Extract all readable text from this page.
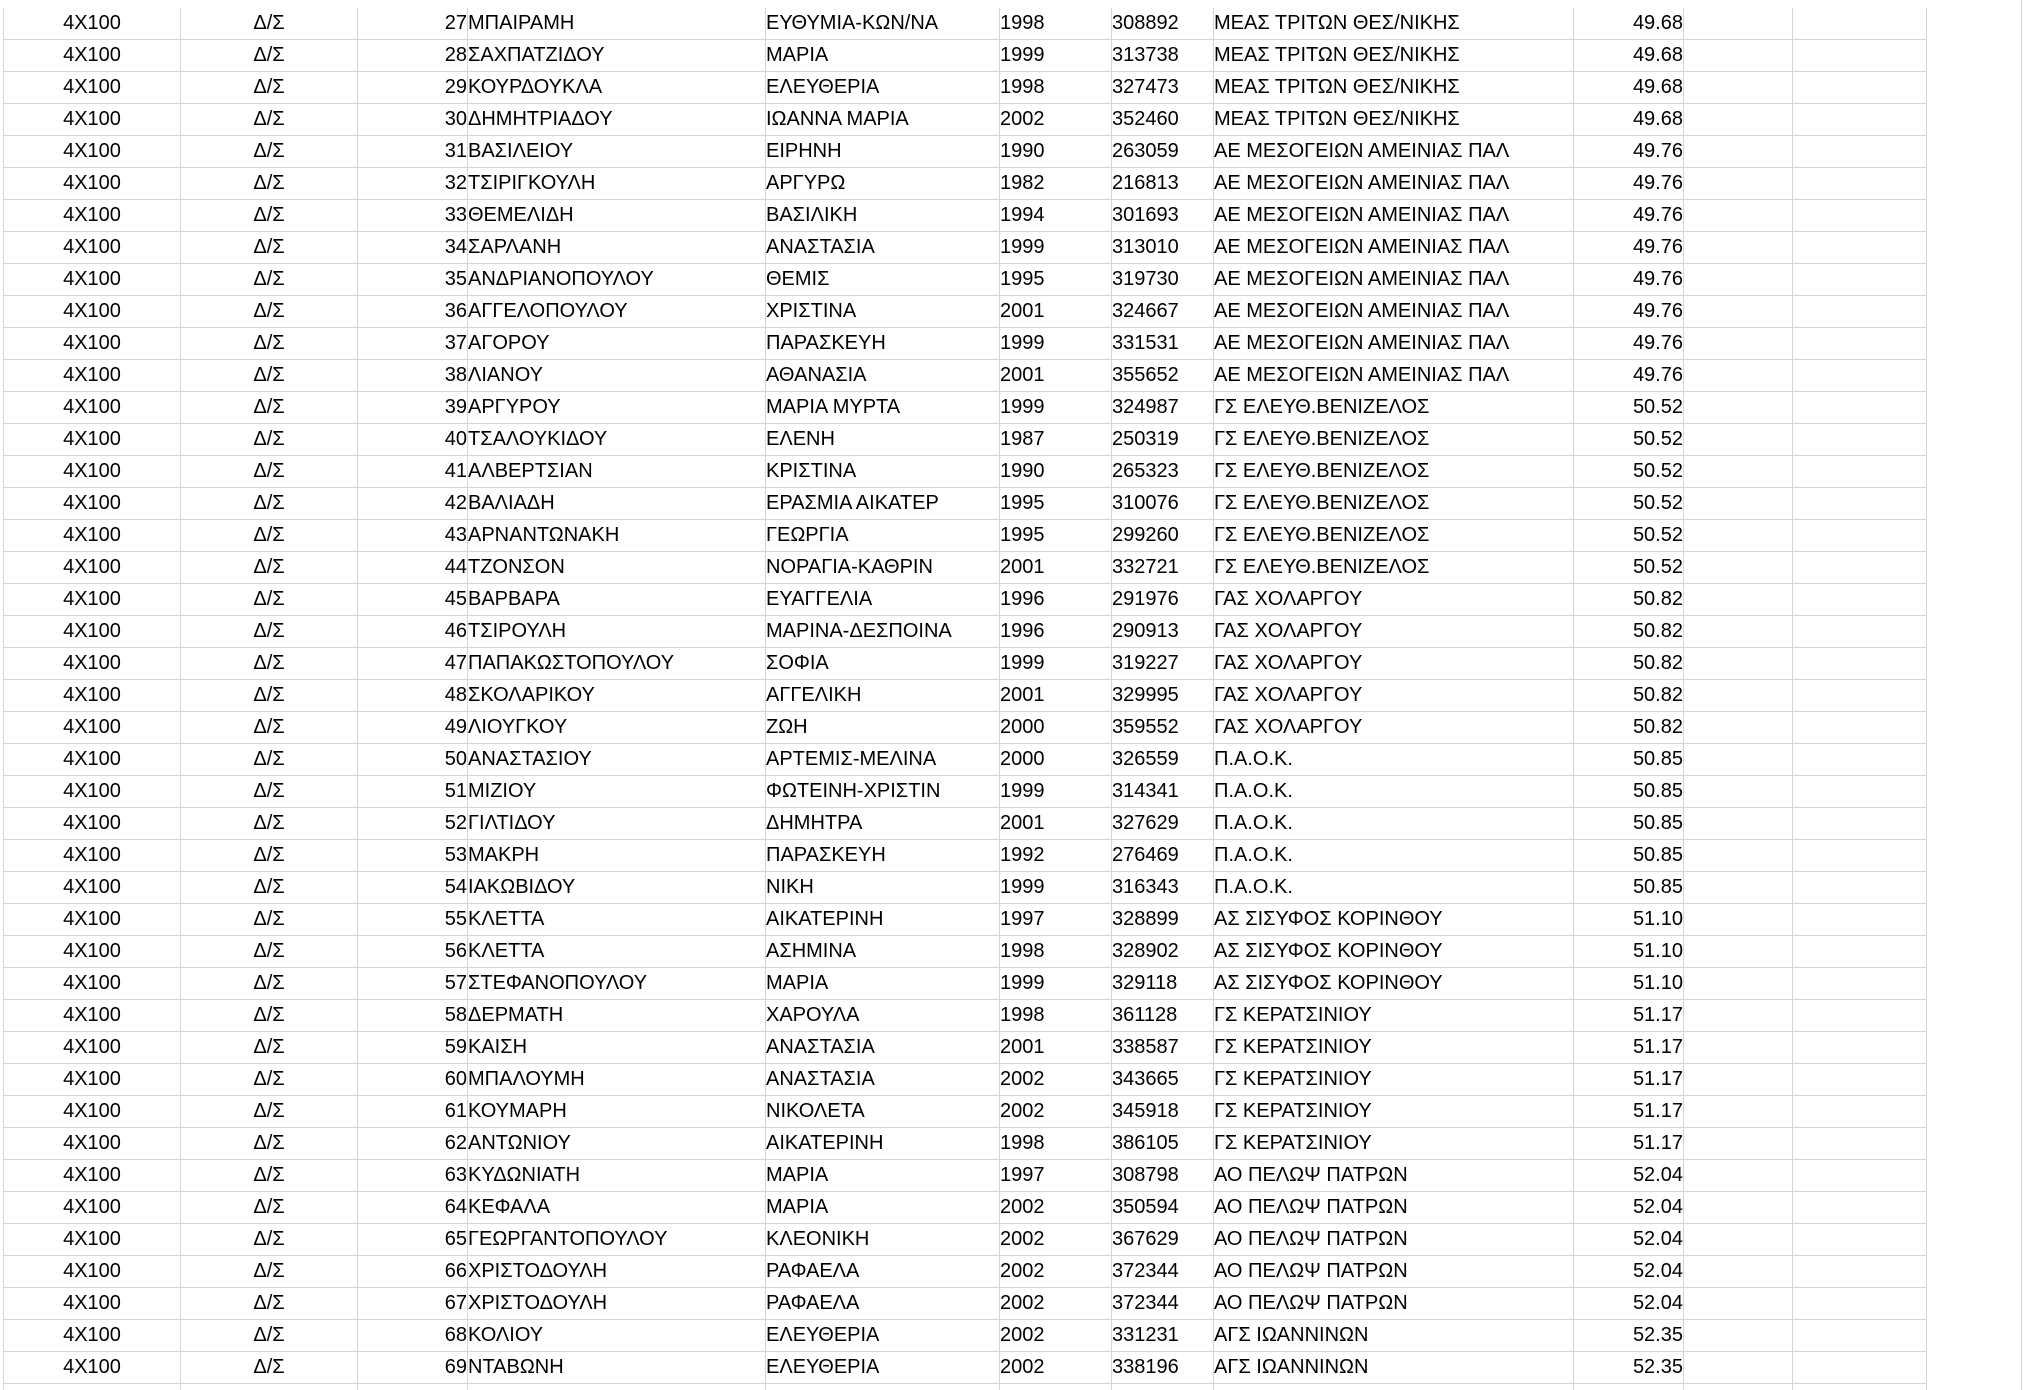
4X100	Δ/Σ	27	ΜΠΑΙΡΑΜΗ	ΕΥΘΥΜΙΑ-ΚΩΝ/ΝΑ	1998	308892	ΜΕΑΣ ΤΡΙΤΩΝ ΘΕΣ/ΝΙΚΗΣ	49.68		
4X100	Δ/Σ	28	ΣΑΧΠΑΤΖΙΔΟΥ	ΜΑΡΙΑ	1999	313738	ΜΕΑΣ ΤΡΙΤΩΝ ΘΕΣ/ΝΙΚΗΣ	49.68		
4X100	Δ/Σ	29	ΚΟΥΡΔΟΥΚΛΑ	ΕΛΕΥΘΕΡΙΑ	1998	327473	ΜΕΑΣ ΤΡΙΤΩΝ ΘΕΣ/ΝΙΚΗΣ	49.68		
4X100	Δ/Σ	30	ΔΗΜΗΤΡΙΑΔΟΥ	ΙΩΑΝΝΑ ΜΑΡΙΑ	2002	352460	ΜΕΑΣ ΤΡΙΤΩΝ ΘΕΣ/ΝΙΚΗΣ	49.68		
4X100	Δ/Σ	31	ΒΑΣΙΛΕΙΟΥ	ΕΙΡΗΝΗ	1990	263059	ΑΕ ΜΕΣΟΓΕΙΩΝ ΑΜΕΙΝΙΑΣ ΠΑΛ	49.76		
4X100	Δ/Σ	32	ΤΣΙΡΙΓΚΟΥΛΗ	ΑΡΓΥΡΩ	1982	216813	ΑΕ ΜΕΣΟΓΕΙΩΝ ΑΜΕΙΝΙΑΣ ΠΑΛ	49.76		
4X100	Δ/Σ	33	ΘΕΜΕΛΙΔΗ	ΒΑΣΙΛΙΚΗ	1994	301693	ΑΕ ΜΕΣΟΓΕΙΩΝ ΑΜΕΙΝΙΑΣ ΠΑΛ	49.76		
4X100	Δ/Σ	34	ΣΑΡΛΑΝΗ	ΑΝΑΣΤΑΣΙΑ	1999	313010	ΑΕ ΜΕΣΟΓΕΙΩΝ ΑΜΕΙΝΙΑΣ ΠΑΛ	49.76		
4X100	Δ/Σ	35	ΑΝΔΡΙΑΝΟΠΟΥΛΟΥ	ΘΕΜΙΣ	1995	319730	ΑΕ ΜΕΣΟΓΕΙΩΝ ΑΜΕΙΝΙΑΣ ΠΑΛ	49.76		
4X100	Δ/Σ	36	ΑΓΓΕΛΟΠΟΥΛΟΥ	ΧΡΙΣΤΙΝΑ	2001	324667	ΑΕ ΜΕΣΟΓΕΙΩΝ ΑΜΕΙΝΙΑΣ ΠΑΛ	49.76		
4X100	Δ/Σ	37	ΑΓΟΡΟΥ	ΠΑΡΑΣΚΕΥΗ	1999	331531	ΑΕ ΜΕΣΟΓΕΙΩΝ ΑΜΕΙΝΙΑΣ ΠΑΛ	49.76		
4X100	Δ/Σ	38	ΛΙΑΝΟΥ	ΑΘΑΝΑΣΙΑ	2001	355652	ΑΕ ΜΕΣΟΓΕΙΩΝ ΑΜΕΙΝΙΑΣ ΠΑΛ	49.76		
4X100	Δ/Σ	39	ΑΡΓΥΡΟΥ	ΜΑΡΙΑ ΜΥΡΤΑ	1999	324987	ΓΣ ΕΛΕΥΘ.ΒΕΝΙΖΕΛΟΣ	50.52		
4X100	Δ/Σ	40	ΤΣΑΛΟΥΚΙΔΟΥ	ΕΛΕΝΗ	1987	250319	ΓΣ ΕΛΕΥΘ.ΒΕΝΙΖΕΛΟΣ	50.52		
4X100	Δ/Σ	41	ΑΛΒΕΡΤΣΙΑΝ	ΚΡΙΣΤΙΝΑ	1990	265323	ΓΣ ΕΛΕΥΘ.ΒΕΝΙΖΕΛΟΣ	50.52		
4X100	Δ/Σ	42	ΒΑΛΙΑΔΗ	ΕΡΑΣΜΙΑ ΑΙΚΑΤΕΡ	1995	310076	ΓΣ ΕΛΕΥΘ.ΒΕΝΙΖΕΛΟΣ	50.52		
4X100	Δ/Σ	43	ΑΡΝΑΝΤΩΝΑΚΗ	ΓΕΩΡΓΙΑ	1995	299260	ΓΣ ΕΛΕΥΘ.ΒΕΝΙΖΕΛΟΣ	50.52		
4X100	Δ/Σ	44	ΤΖΟΝΣΟΝ	ΝΟΡΑΓΙΑ-ΚΑΘΡΙΝ	2001	332721	ΓΣ ΕΛΕΥΘ.ΒΕΝΙΖΕΛΟΣ	50.52		
4X100	Δ/Σ	45	ΒΑΡΒΑΡΑ	ΕΥΑΓΓΕΛΙΑ	1996	291976	ΓΑΣ ΧΟΛΑΡΓΟΥ	50.82		
4X100	Δ/Σ	46	ΤΣΙΡΟΥΛΗ	ΜΑΡΙΝΑ-ΔΕΣΠΟΙΝΑ	1996	290913	ΓΑΣ ΧΟΛΑΡΓΟΥ	50.82		
4X100	Δ/Σ	47	ΠΑΠΑΚΩΣΤΟΠΟΥΛΟΥ	ΣΟΦΙΑ	1999	319227	ΓΑΣ ΧΟΛΑΡΓΟΥ	50.82		
4X100	Δ/Σ	48	ΣΚΟΛΑΡΙΚΟΥ	ΑΓΓΕΛΙΚΗ	2001	329995	ΓΑΣ ΧΟΛΑΡΓΟΥ	50.82		
4X100	Δ/Σ	49	ΛΙΟΥΓΚΟΥ	ΖΩΗ	2000	359552	ΓΑΣ ΧΟΛΑΡΓΟΥ	50.82		
4X100	Δ/Σ	50	ΑΝΑΣΤΑΣΙΟΥ	ΑΡΤΕΜΙΣ-ΜΕΛΙΝΑ	2000	326559	Π.Α.Ο.Κ.	50.85		
4X100	Δ/Σ	51	ΜΙΖΙΟΥ	ΦΩΤΕΙΝΗ-ΧΡΙΣΤΙΝ	1999	314341	Π.Α.Ο.Κ.	50.85		
4X100	Δ/Σ	52	ΓΙΛΤΙΔΟΥ	ΔΗΜΗΤΡΑ	2001	327629	Π.Α.Ο.Κ.	50.85		
4X100	Δ/Σ	53	ΜΑΚΡΗ	ΠΑΡΑΣΚΕΥΗ	1992	276469	Π.Α.Ο.Κ.	50.85		
4X100	Δ/Σ	54	ΙΑΚΩΒΙΔΟΥ	ΝΙΚΗ	1999	316343	Π.Α.Ο.Κ.	50.85		
4X100	Δ/Σ	55	ΚΛΕΤΤΑ	ΑΙΚΑΤΕΡΙΝΗ	1997	328899	ΑΣ ΣΙΣΥΦΟΣ ΚΟΡΙΝΘΟΥ	51.10		
4X100	Δ/Σ	56	ΚΛΕΤΤΑ	ΑΣΗΜΙΝΑ	1998	328902	ΑΣ ΣΙΣΥΦΟΣ ΚΟΡΙΝΘΟΥ	51.10		
4X100	Δ/Σ	57	ΣΤΕΦΑΝΟΠΟΥΛΟΥ	ΜΑΡΙΑ	1999	329118	ΑΣ ΣΙΣΥΦΟΣ ΚΟΡΙΝΘΟΥ	51.10		
4X100	Δ/Σ	58	ΔΕΡΜΑΤΗ	ΧΑΡΟΥΛΑ	1998	361128	ΓΣ ΚΕΡΑΤΣΙΝΙΟΥ	51.17		
4X100	Δ/Σ	59	ΚΑΙΣΗ	ΑΝΑΣΤΑΣΙΑ	2001	338587	ΓΣ ΚΕΡΑΤΣΙΝΙΟΥ	51.17		
4X100	Δ/Σ	60	ΜΠΑΛΟΥΜΗ	ΑΝΑΣΤΑΣΙΑ	2002	343665	ΓΣ ΚΕΡΑΤΣΙΝΙΟΥ	51.17		
4X100	Δ/Σ	61	ΚΟΥΜΑΡΗ	ΝΙΚΟΛΕΤΑ	2002	345918	ΓΣ ΚΕΡΑΤΣΙΝΙΟΥ	51.17		
4X100	Δ/Σ	62	ΑΝΤΩΝΙΟΥ	ΑΙΚΑΤΕΡΙΝΗ	1998	386105	ΓΣ ΚΕΡΑΤΣΙΝΙΟΥ	51.17		
4X100	Δ/Σ	63	ΚΥΔΩΝΙΑΤΗ	ΜΑΡΙΑ	1997	308798	ΑΟ ΠΕΛΩΨ ΠΑΤΡΩΝ	52.04		
4X100	Δ/Σ	64	ΚΕΦΑΛΑ	ΜΑΡΙΑ	2002	350594	ΑΟ ΠΕΛΩΨ ΠΑΤΡΩΝ	52.04		
4X100	Δ/Σ	65	ΓΕΩΡΓΑΝΤΟΠΟΥΛΟΥ	ΚΛΕΟΝΙΚΗ	2002	367629	ΑΟ ΠΕΛΩΨ ΠΑΤΡΩΝ	52.04		
4X100	Δ/Σ	66	ΧΡΙΣΤΟΔΟΥΛΗ	ΡΑΦΑΕΛΑ	2002	372344	ΑΟ ΠΕΛΩΨ ΠΑΤΡΩΝ	52.04		
4X100	Δ/Σ	67	ΧΡΙΣΤΟΔΟΥΛΗ	ΡΑΦΑΕΛΑ	2002	372344	ΑΟ ΠΕΛΩΨ ΠΑΤΡΩΝ	52.04		
4X100	Δ/Σ	68	ΚΟΛΙΟΥ	ΕΛΕΥΘΕΡΙΑ	2002	331231	ΑΓΣ ΙΩΑΝΝΙΝΩΝ	52.35		
4X100	Δ/Σ	69	ΝΤΑΒΩΝΗ	ΕΛΕΥΘΕΡΙΑ	2002	338196	ΑΓΣ ΙΩΑΝΝΙΝΩΝ	52.35		
